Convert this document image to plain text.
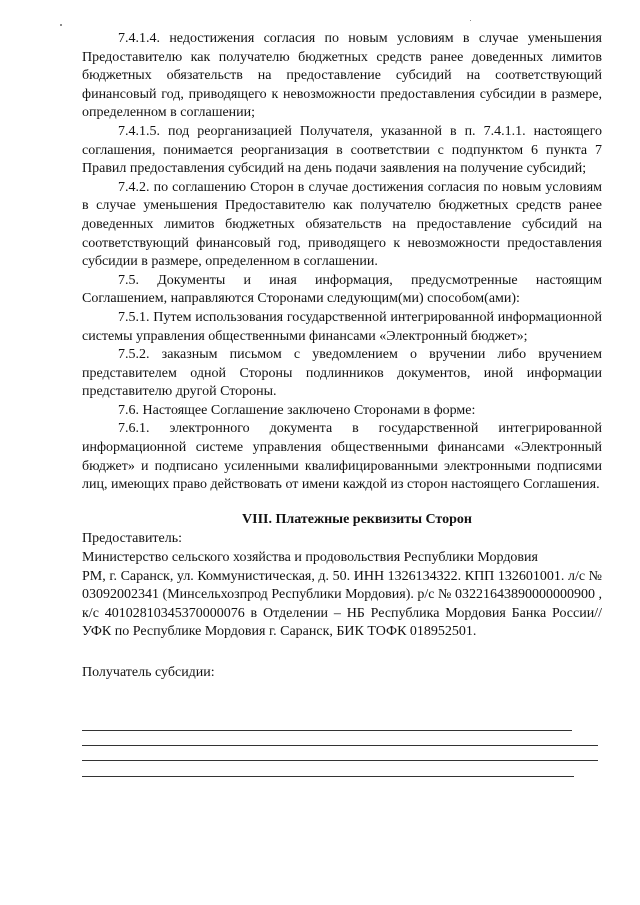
7.4.1.4. недостижения согласия по новым условиям в случае уменьшения Предоставителю как получателю бюджетных средств ранее доведенных лимитов бюджетных обязательств на предоставление субсидий на соответствующий финансовый год, приводящего к невозможности предоставления субсидии в размере, определенном в соглашении;

7.4.1.5. под реорганизацией Получателя, указанной в п. 7.4.1.1. настоящего соглашения, понимается реорганизация в соответствии с подпунктом 6 пункта 7 Правил предоставления субсидий на день подачи заявления на получение субсидий;

7.4.2. по соглашению Сторон в случае достижения согласия по новым условиям в случае уменьшения Предоставителю как получателю бюджетных средств ранее доведенных лимитов бюджетных обязательств на предоставление субсидий на соответствующий финансовый год, приводящего к невозможности предоставления субсидии в размере, определенном в соглашении.

7.5. Документы и иная информация, предусмотренные настоящим Соглашением, направляются Сторонами следующим(ми) способом(ами):

7.5.1. Путем использования государственной интегрированной информационной системы управления общественными финансами «Электронный бюджет»;

7.5.2. заказным письмом с уведомлением о вручении либо вручением представителем одной Стороны подлинников документов, иной информации представителю другой Стороны.

7.6. Настоящее Соглашение заключено Сторонами в форме:

7.6.1. электронного документа в государственной интегрированной информационной системе управления общественными финансами «Электронный бюджет» и подписано усиленными квалифицированными электронными подписями лиц, имеющих право действовать от имени каждой из сторон настоящего Соглашения.

VIII. Платежные реквизиты Сторон

Предоставитель:

Министерство сельского хозяйства и продовольствия Республики Мордовия

РМ, г. Саранск, ул. Коммунистическая, д. 50. ИНН 1326134322. КПП 132601001. л/с № 03092002341 (Минсельхозпрод Республики Мордовия). р/с № 03221643890000000900 , к/с 40102810345370000076 в Отделении – НБ Республика Мордовия Банка России// УФК по Республике Мордовия г. Саранск, БИК ТОФК 018952501.

Получатель субсидии:
